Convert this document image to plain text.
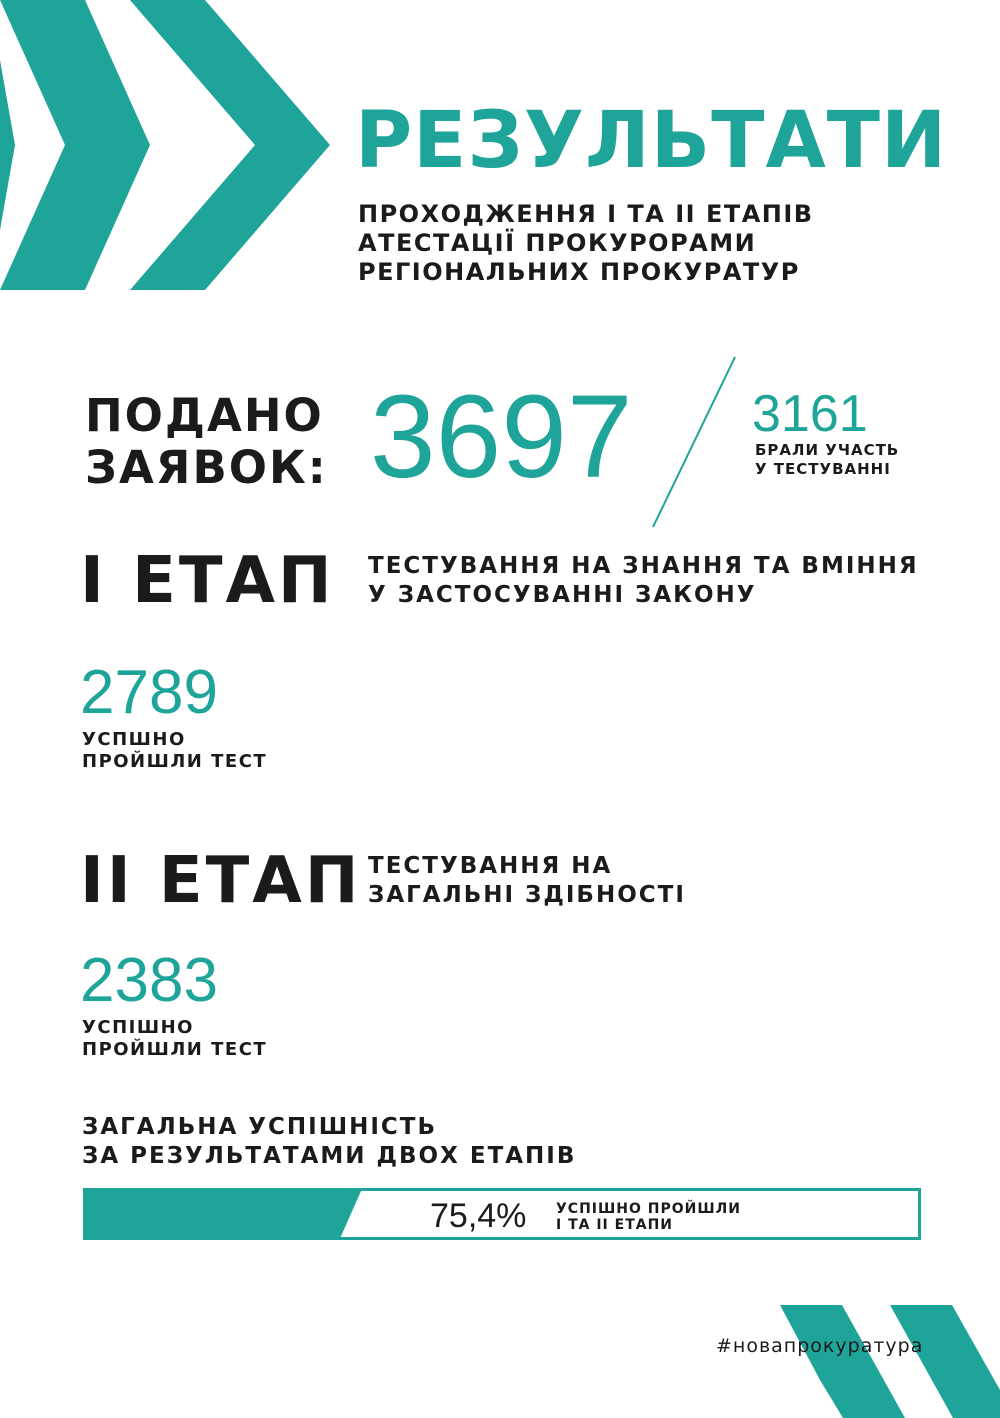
РЕЗУЛЬТАТИ
ПРОХОДЖЕННЯ І ТА ІІ ЕТАПІВ
АТЕСТАЦІЇ ПРОКУРОРАМИ
РЕГІОНАЛЬНИХ ПРОКУРАТУР
ПОДАНО
ЗАЯВОК: 3697 3161
БРАЛИ УЧАСТЬ
У ТЕСТУВАННІ
І ЕТАП ТЕСТУВАННЯ НА ЗНАННЯ ТА ВМІННЯ
У ЗАСТОСУВАННІ ЗАКОНУ
2789
УСПШНО
ПРОЙШЛИ ТЕСТ
ІІ ЕТАП ТЕСТУВАННЯ НА
ЗАГАЛЬНІ ЗДІБНОСТІ
2383
УСПІШНО
ПРОЙШЛИ ТЕСТ
ЗАГАЛЬНА УСПІШНІСТЬ
ЗА РЕЗУЛЬТАТАМИ ДВОХ ЕТАПІВ
75,4% УСПІШНО ПРОЙШЛИ
І ТА ІІ ЕТАПИ
#новапрокуратура
